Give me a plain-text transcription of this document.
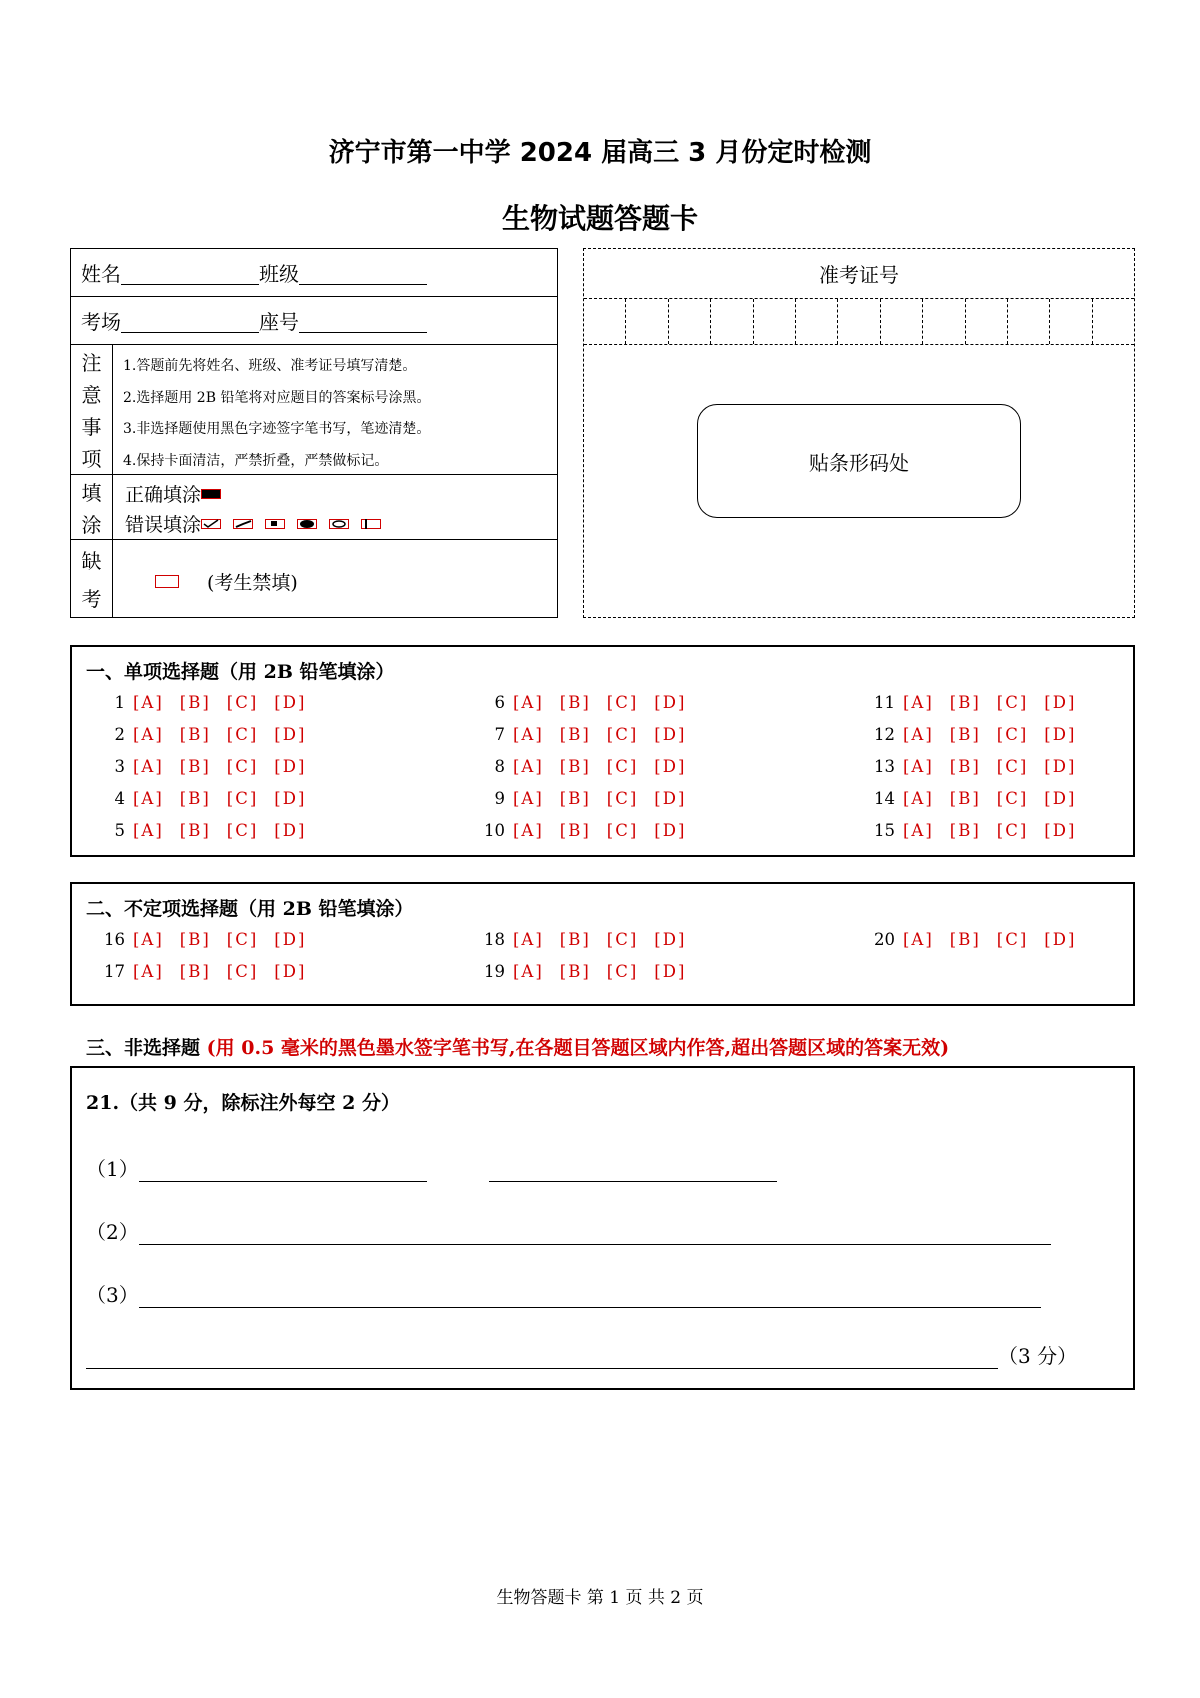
济宁市第一中学 2024 届高三 3 月份定时检测
生物试题答题卡
姓名	班级
考场	座号
注
意
事
项
1.答题前先将姓名、班级、准考证号填写清楚。
2.选择题用 2B 铅笔将对应题目的答案标号涂黑。
3.非选择题使用黑色字迹签字笔书写，笔迹清楚。
4.保持卡面清洁，严禁折叠，严禁做标记。
填
涂
正确填涂
错误填涂
缺
考
(考生禁填)
准考证号
贴条形码处
一、单项选择题（用 2B 铅笔填涂）
1 [A] [B] [C] [D]
2 [A] [B] [C] [D]
3 [A] [B] [C] [D]
4 [A] [B] [C] [D]
5 [A] [B] [C] [D]
6 [A] [B] [C] [D]
7 [A] [B] [C] [D]
8 [A] [B] [C] [D]
9 [A] [B] [C] [D]
10 [A] [B] [C] [D]
11 [A] [B] [C] [D]
12 [A] [B] [C] [D]
13 [A] [B] [C] [D]
14 [A] [B] [C] [D]
15 [A] [B] [C] [D]
二、不定项选择题（用 2B 铅笔填涂）
16 [A] [B] [C] [D]
17 [A] [B] [C] [D]
18 [A] [B] [C] [D]
19 [A] [B] [C] [D]
20 [A] [B] [C] [D]
三、非选择题 (用 0.5 毫米的黑色墨水签字笔书写,在各题目答题区域内作答,超出答题区域的答案无效)
21.（共 9 分，除标注外每空 2 分）
（1）
（2）
（3）
（3 分）
生物答题卡 第 1 页 共 2 页
